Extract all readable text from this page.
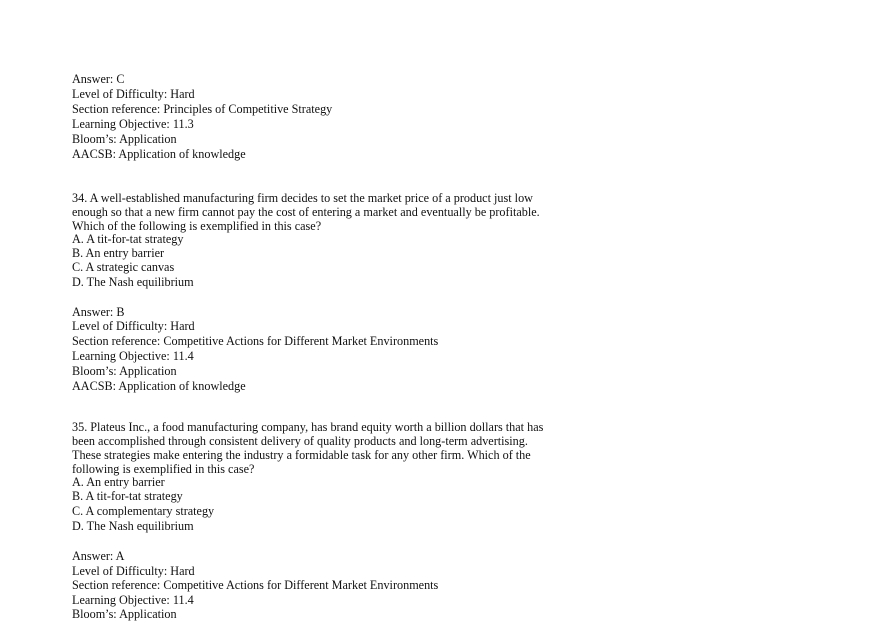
Answer: C
Level of Difficulty: Hard
Section reference: Principles of Competitive Strategy
Learning Objective: 11.3
Bloom’s: Application
AACSB: Application of knowledge
34. A well-established manufacturing firm decides to set the market price of a product just low
enough so that a new firm cannot pay the cost of entering a market and eventually be profitable.
Which of the following is exemplified in this case?
A. A tit-for-tat strategy
B. An entry barrier
C. A strategic canvas
D. The Nash equilibrium
Answer: B
Level of Difficulty: Hard
Section reference: Competitive Actions for Different Market Environments
Learning Objective: 11.4
Bloom’s: Application
AACSB: Application of knowledge
35. Plateus Inc., a food manufacturing company, has brand equity worth a billion dollars that has
been accomplished through consistent delivery of quality products and long-term advertising.
These strategies make entering the industry a formidable task for any other firm. Which of the
following is exemplified in this case?
A. An entry barrier
B. A tit-for-tat strategy
C. A complementary strategy
D. The Nash equilibrium
Answer: A
Level of Difficulty: Hard
Section reference: Competitive Actions for Different Market Environments
Learning Objective: 11.4
Bloom’s: Application
